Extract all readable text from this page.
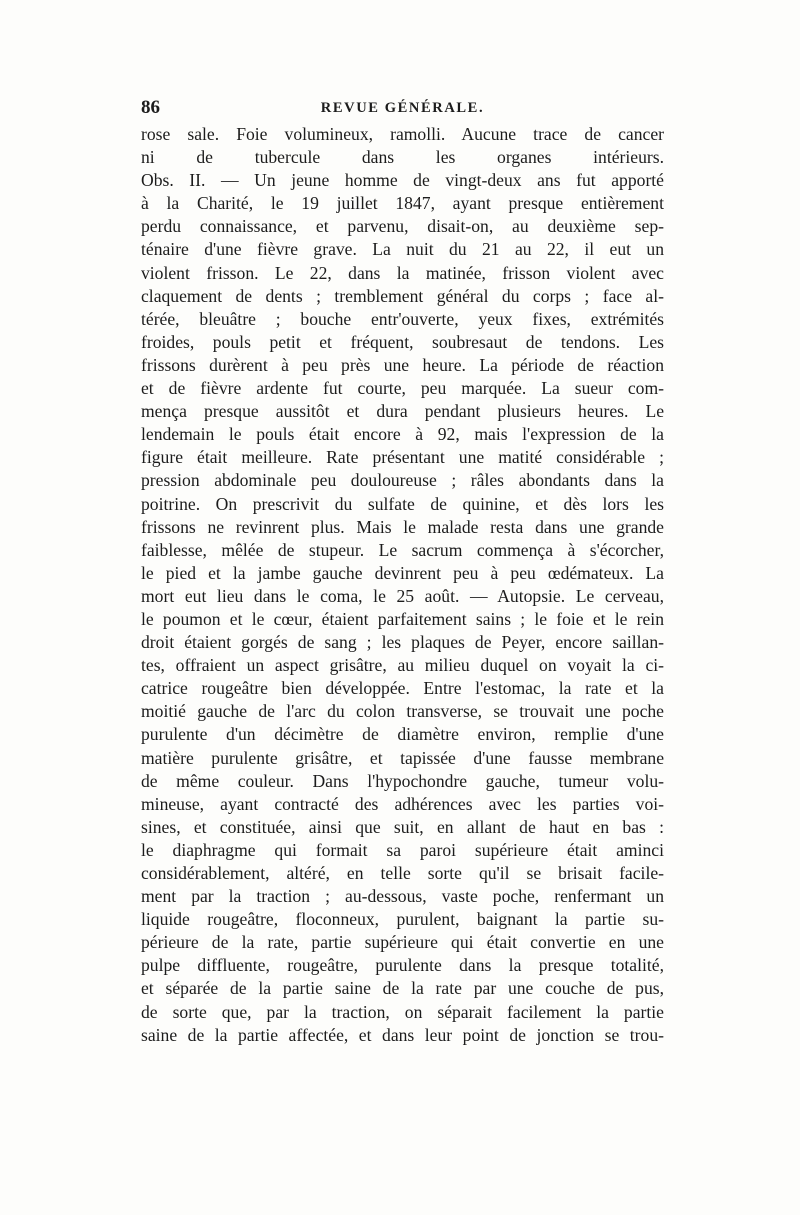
86	REVUE GÉNÉRALE.
rose sale. Foie volumineux, ramolli. Aucune trace de cancer
ni de tubercule dans les organes intérieurs.
Obs. II. — Un jeune homme de vingt-deux ans fut apporté
à la Charité, le 19 juillet 1847, ayant presque entièrement
perdu connaissance, et parvenu, disait-on, au deuxième sep-
ténaire d'une fièvre grave. La nuit du 21 au 22, il eut un
violent frisson. Le 22, dans la matinée, frisson violent avec
claquement de dents ; tremblement général du corps ; face al-
térée, bleuâtre ; bouche entr'ouverte, yeux fixes, extrémités
froides, pouls petit et fréquent, soubresaut de tendons. Les
frissons durèrent à peu près une heure. La période de réaction
et de fièvre ardente fut courte, peu marquée. La sueur com-
mença presque aussitôt et dura pendant plusieurs heures. Le
lendemain le pouls était encore à 92, mais l'expression de la
figure était meilleure. Rate présentant une matité considérable ;
pression abdominale peu douloureuse ; râles abondants dans la
poitrine. On prescrivit du sulfate de quinine, et dès lors les
frissons ne revinrent plus. Mais le malade resta dans une grande
faiblesse, mêlée de stupeur. Le sacrum commença à s'écorcher,
le pied et la jambe gauche devinrent peu à peu œdémateux. La
mort eut lieu dans le coma, le 25 août. — Autopsie. Le cerveau,
le poumon et le cœur, étaient parfaitement sains ; le foie et le rein
droit étaient gorgés de sang ; les plaques de Peyer, encore saillan-
tes, offraient un aspect grisâtre, au milieu duquel on voyait la ci-
catrice rougeâtre bien développée. Entre l'estomac, la rate et la
moitié gauche de l'arc du colon transverse, se trouvait une poche
purulente d'un décimètre de diamètre environ, remplie d'une
matière purulente grisâtre, et tapissée d'une fausse membrane
de même couleur. Dans l'hypochondre gauche, tumeur volu-
mineuse, ayant contracté des adhérences avec les parties voi-
sines, et constituée, ainsi que suit, en allant de haut en bas :
le diaphragme qui formait sa paroi supérieure était aminci
considérablement, altéré, en telle sorte qu'il se brisait facile-
ment par la traction ; au-dessous, vaste poche, renfermant un
liquide rougeâtre, floconneux, purulent, baignant la partie su-
périeure de la rate, partie supérieure qui était convertie en une
pulpe diffluente, rougeâtre, purulente dans la presque totalité,
et séparée de la partie saine de la rate par une couche de pus,
de sorte que, par la traction, on séparait facilement la partie
saine de la partie affectée, et dans leur point de jonction se trou-
